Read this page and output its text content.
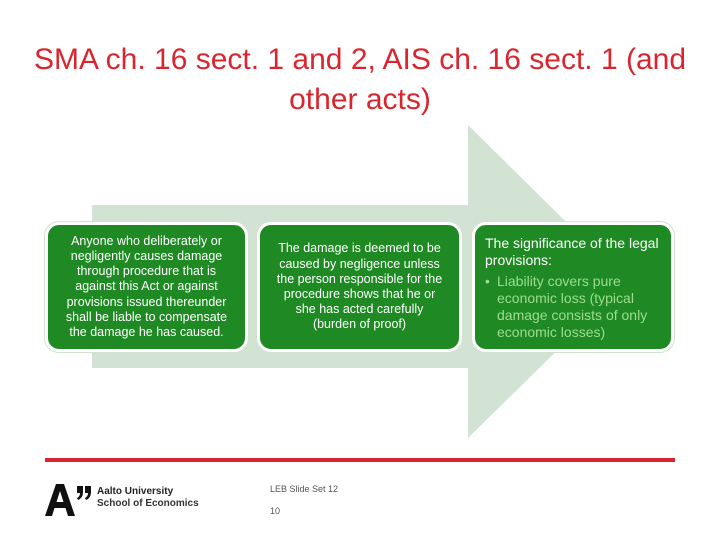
SMA ch. 16 sect. 1 and 2, AIS ch. 16 sect. 1 (and other acts)
Anyone who deliberately or negligently causes damage through procedure that is against this Act or against provisions issued thereunder shall be liable to compensate the damage he has caused.
The damage is deemed to be caused by negligence unless the person responsible for the procedure shows that he or she has acted carefully (burden of proof)

The significance of the legal provisions:

• Liability covers pure economic loss (typical damage consists of only economic losses)
Aalto University
School of Economics
LEB Slide Set 12
10
